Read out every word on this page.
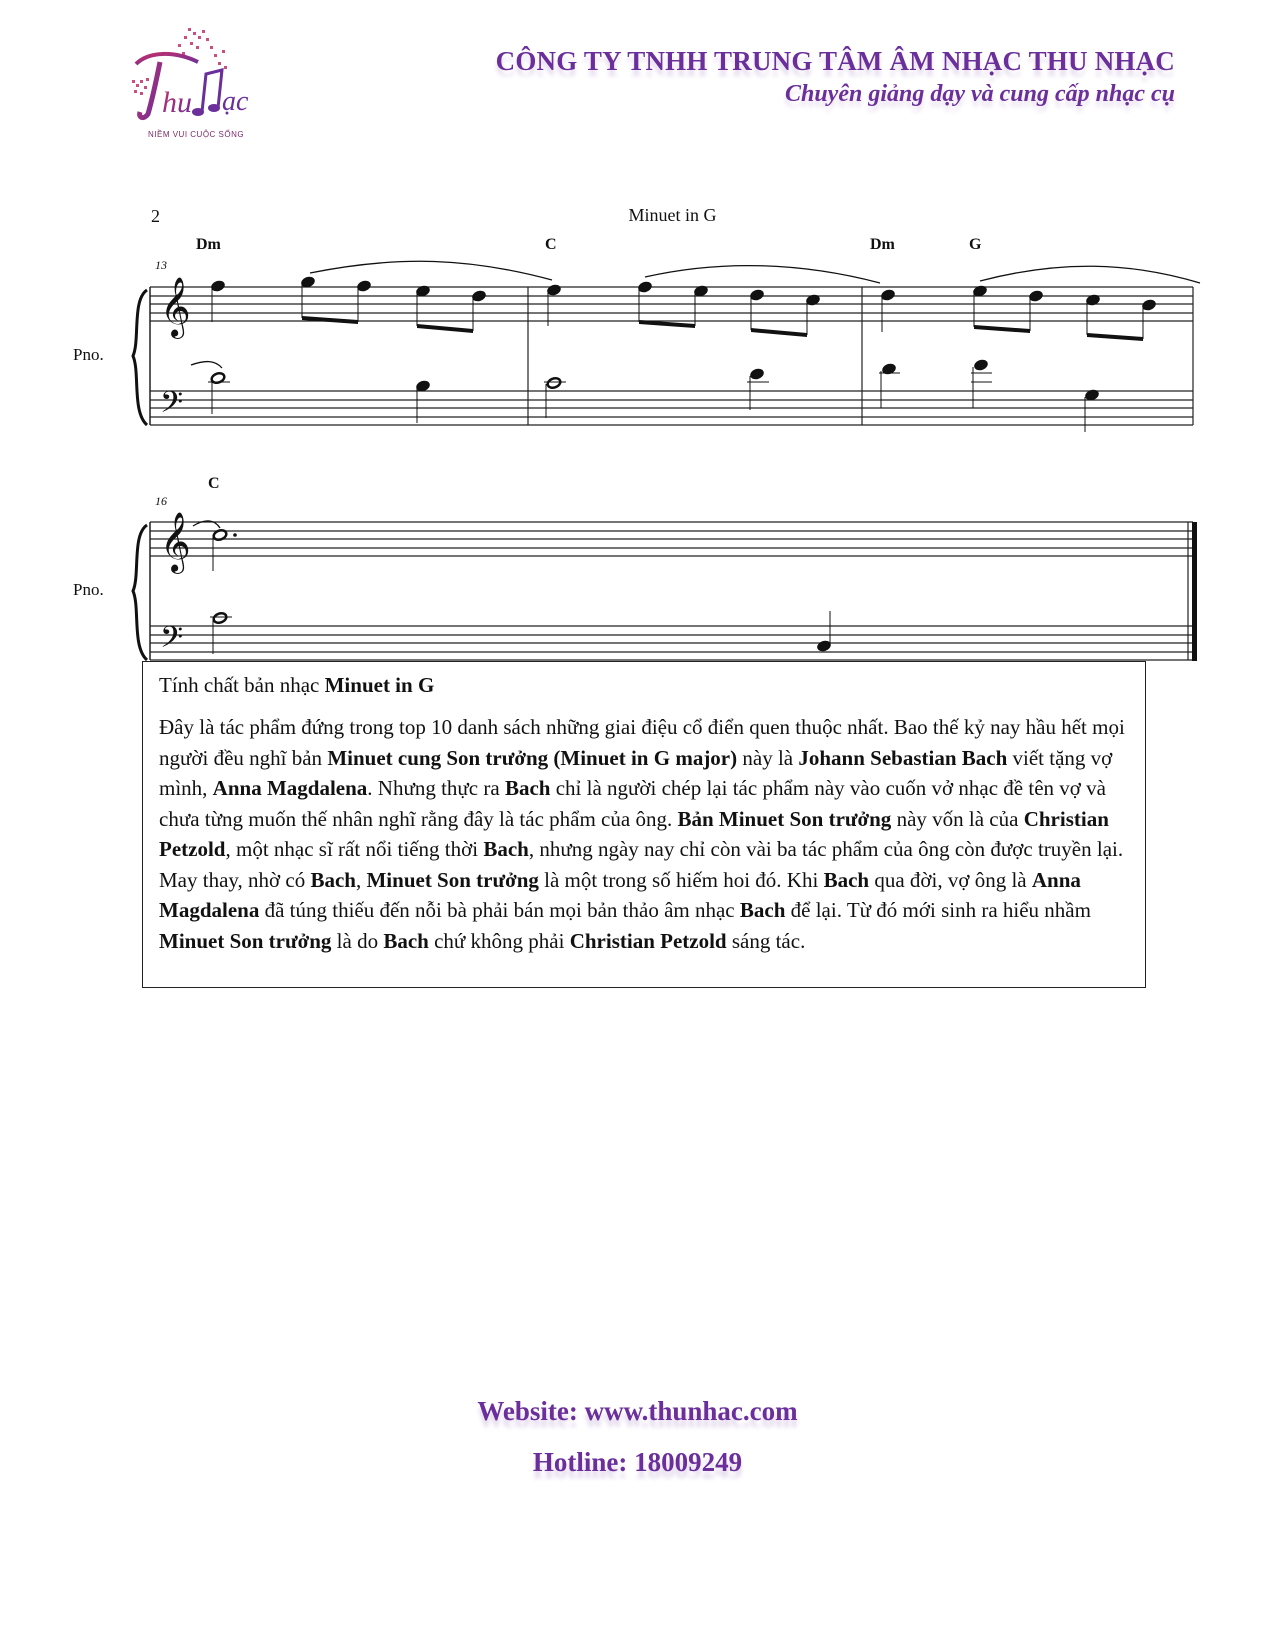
hu ạc
NIỀM VUI CUỘC SỐNG
CÔNG TY TNHH TRUNG TÂM ÂM NHẠC THU NHẠC
Chuyên giảng dạy và cung cấp nhạc cụ
2	Minuet in G
Dm	C	Dm	G
13
Pno.
C
16
Pno.
𝄞
𝄢
𝄞
𝄢

Tính chất bản nhạc Minuet in G

Đây là tác phẩm đứng trong top 10 danh sách những giai điệu cổ điển quen thuộc nhất. Bao thế kỷ nay hầu hết mọi người đều nghĩ bản Minuet cung Son trưởng (Minuet in G major) này là Johann Sebastian Bach viết tặng vợ mình, Anna Magdalena. Nhưng thực ra Bach chỉ là người chép lại tác phẩm này vào cuốn vở nhạc đề tên vợ và chưa từng muốn thế nhân nghĩ rằng đây là tác phẩm của ông. Bản Minuet Son trưởng này vốn là của Christian Petzold, một nhạc sĩ rất nổi tiếng thời Bach, nhưng ngày nay chỉ còn vài ba tác phẩm của ông còn được truyền lại. May thay, nhờ có Bach, Minuet Son trưởng là một trong số hiếm hoi đó. Khi Bach qua đời, vợ ông là Anna Magdalena đã túng thiếu đến nỗi bà phải bán mọi bản thảo âm nhạc Bach để lại. Từ đó mới sinh ra hiểu nhầm Minuet Son trưởng là do Bach chứ không phải Christian Petzold sáng tác.

Website: www.thunhac.com
Hotline: 18009249
